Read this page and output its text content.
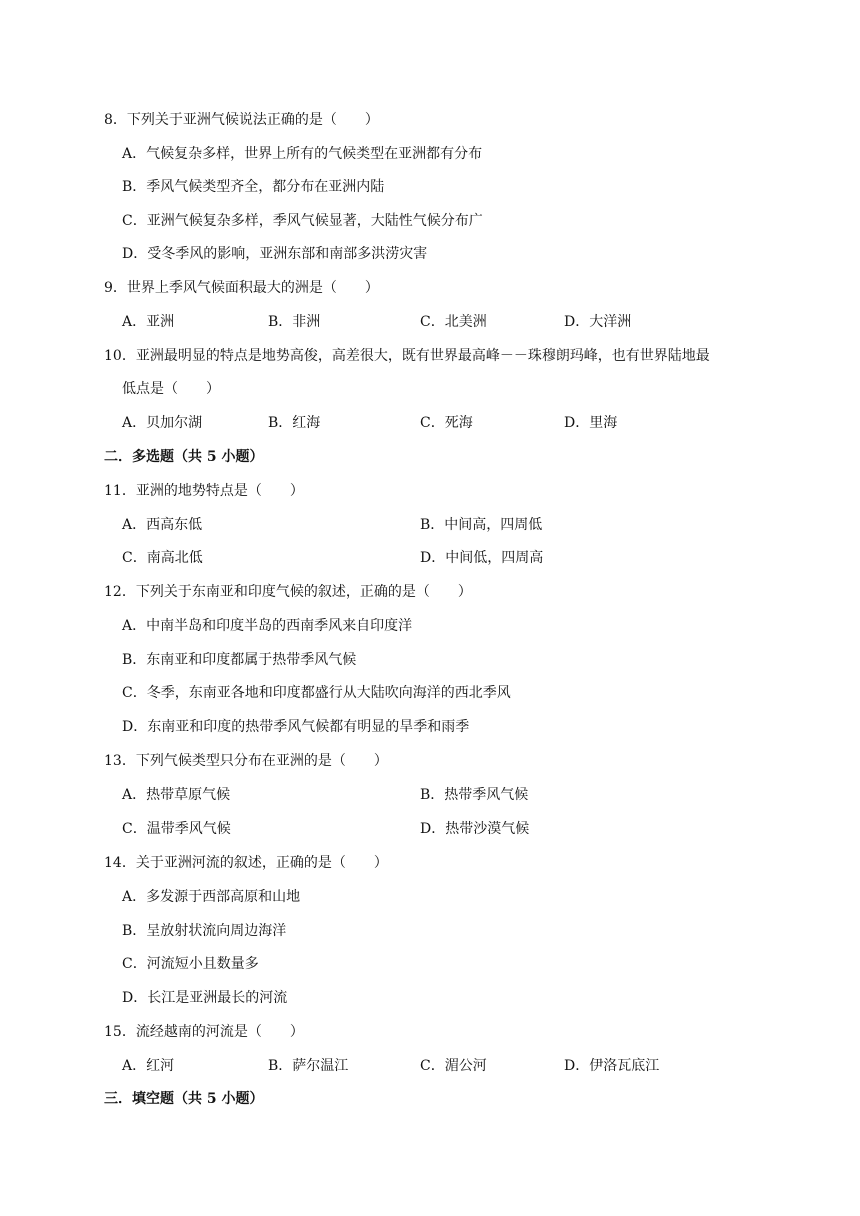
8．下列关于亚洲气候说法正确的是（　　）
A．气候复杂多样，世界上所有的气候类型在亚洲都有分布
B．季风气候类型齐全，都分布在亚洲内陆
C．亚洲气候复杂多样，季风气候显著，大陆性气候分布广
D．受冬季风的影响，亚洲东部和南部多洪涝灾害
9．世界上季风气候面积最大的洲是（　　）
A．亚洲	B．非洲	C．北美洲	D．大洋洲
10．亚洲最明显的特点是地势高俊，高差很大，既有世界最高峰－－珠穆朗玛峰，也有世界陆地最
低点是（　　）
A．贝加尔湖	B．红海	C．死海	D．里海
二．多选题（共 5 小题）
11．亚洲的地势特点是（　　）
A．西高东低	B．中间高，四周低
C．南高北低	D．中间低，四周高
12．下列关于东南亚和印度气候的叙述，正确的是（　　）
A．中南半岛和印度半岛的西南季风来自印度洋
B．东南亚和印度都属于热带季风气候
C．冬季，东南亚各地和印度都盛行从大陆吹向海洋的西北季风
D．东南亚和印度的热带季风气候都有明显的旱季和雨季
13．下列气候类型只分布在亚洲的是（　　）
A．热带草原气候	B．热带季风气候
C．温带季风气候	D．热带沙漠气候
14．关于亚洲河流的叙述，正确的是（　　）
A．多发源于西部高原和山地
B．呈放射状流向周边海洋
C．河流短小且数量多
D．长江是亚洲最长的河流
15．流经越南的河流是（　　）
A．红河	B．萨尔温江	C．湄公河	D．伊洛瓦底江
三．填空题（共 5 小题）
